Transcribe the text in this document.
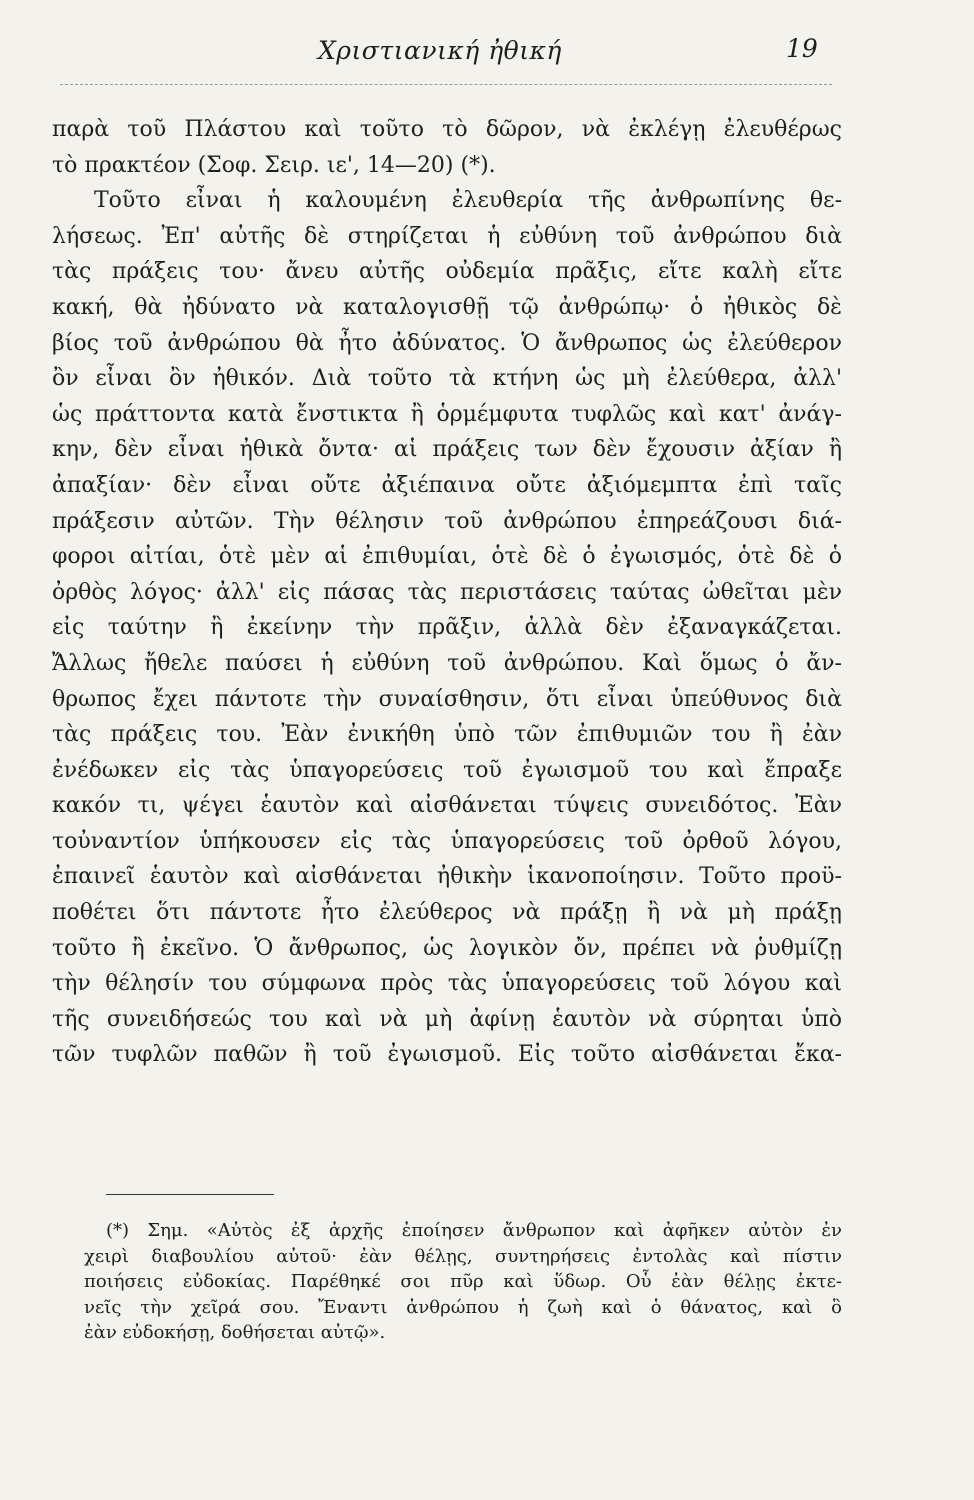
Χριστιανική ἠθική	19
παρὰ τοῦ Πλάστου καὶ τοῦτο τὸ δῶρον, νὰ ἐκλέγῃ ἐλευθέρως
τὸ πρακτέον (Σοφ. Σειρ. ιε', 14—20) (*).
Τοῦτο εἶναι ἡ καλουμένη ἐλευθερία τῆς ἀνθρωπίνης θε-
λήσεως. Ἐπ' αὐτῆς δὲ στηρίζεται ἡ εὐθύνη τοῦ ἀνθρώπου διὰ
τὰς πράξεις του· ἄνευ αὐτῆς οὐδεμία πρᾶξις, εἴτε καλὴ εἴτε
κακή, θὰ ἠδύνατο νὰ καταλογισθῇ τῷ ἀνθρώπῳ· ὁ ἠθικὸς δὲ
βίος τοῦ ἀνθρώπου θὰ ἦτο ἀδύνατος. Ὁ ἄνθρωπος ὡς ἐλεύθερον
ὂν εἶναι ὂν ἠθικόν. Διὰ τοῦτο τὰ κτήνη ὡς μὴ ἐλεύθερα, ἀλλ'
ὡς πράττοντα κατὰ ἔνστικτα ἢ ὁρμέμφυτα τυφλῶς καὶ κατ' ἀνάγ-
κην, δὲν εἶναι ἠθικὰ ὄντα· αἱ πράξεις των δὲν ἔχουσιν ἀξίαν ἢ
ἀπαξίαν· δὲν εἶναι οὔτε ἀξιέπαινα οὔτε ἀξιόμεμπτα ἐπὶ ταῖς
πράξεσιν αὐτῶν. Τὴν θέλησιν τοῦ ἀνθρώπου ἐπηρεάζουσι διά-
φοροι αἰτίαι, ὁτὲ μὲν αἱ ἐπιθυμίαι, ὁτὲ δὲ ὁ ἐγωισμός, ὁτὲ δὲ ὁ
ὀρθὸς λόγος· ἀλλ' εἰς πάσας τὰς περιστάσεις ταύτας ὠθεῖται μὲν
εἰς ταύτην ἢ ἐκείνην τὴν πρᾶξιν, ἀλλὰ δὲν ἐξαναγκάζεται.
Ἄλλως ἤθελε παύσει ἡ εὐθύνη τοῦ ἀνθρώπου. Καὶ ὅμως ὁ ἄν-
θρωπος ἔχει πάντοτε τὴν συναίσθησιν, ὅτι εἶναι ὑπεύθυνος διὰ
τὰς πράξεις του. Ἐὰν ἐνικήθη ὑπὸ τῶν ἐπιθυμιῶν του ἢ ἐὰν
ἐνέδωκεν εἰς τὰς ὑπαγορεύσεις τοῦ ἐγωισμοῦ του καὶ ἔπραξε
κακόν τι, ψέγει ἑαυτὸν καὶ αἰσθάνεται τύψεις συνειδότος. Ἐὰν
τοὐναντίον ὑπήκουσεν εἰς τὰς ὑπαγορεύσεις τοῦ ὀρθοῦ λόγου,
ἐπαινεῖ ἑαυτὸν καὶ αἰσθάνεται ἠθικὴν ἱκανοποίησιν. Τοῦτο προϋ-
ποθέτει ὅτι πάντοτε ἦτο ἐλεύθερος νὰ πράξῃ ἢ νὰ μὴ πράξῃ
τοῦτο ἢ ἐκεῖνο. Ὁ ἄνθρωπος, ὡς λογικὸν ὄν, πρέπει νὰ ῥυθμίζῃ
τὴν θέλησίν του σύμφωνα πρὸς τὰς ὑπαγορεύσεις τοῦ λόγου καὶ
τῆς συνειδήσεώς του καὶ νὰ μὴ ἀφίνῃ ἑαυτὸν νὰ σύρηται ὑπὸ
τῶν τυφλῶν παθῶν ἢ τοῦ ἐγωισμοῦ. Εἰς τοῦτο αἰσθάνεται ἔκα-
(*) Σημ. «Αὐτὸς ἐξ ἀρχῆς ἐποίησεν ἄνθρωπον καὶ ἀφῆκεν αὐτὸν ἐν
χειρὶ διαβουλίου αὐτοῦ· ἐὰν θέλῃς, συντηρήσεις ἐντολὰς καὶ πίστιν
ποιήσεις εὐδοκίας. Παρέθηκέ σοι πῦρ καὶ ὕδωρ. Οὗ ἐὰν θέλῃς ἐκτε-
νεῖς τὴν χεῖρά σου. Ἔναντι ἀνθρώπου ἡ ζωὴ καὶ ὁ θάνατος, καὶ ὃ
ἐὰν εὐδοκήσῃ, δοθήσεται αὐτῷ».
